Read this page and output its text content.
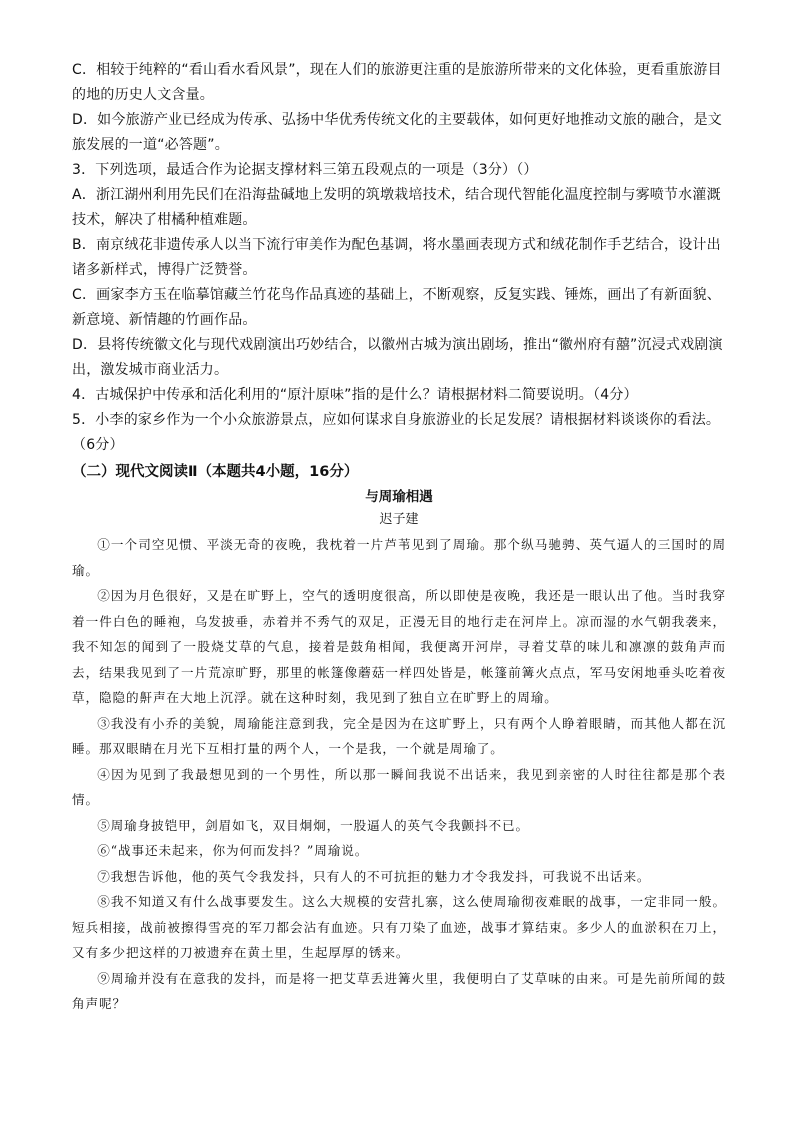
C．相较于纯粹的“看山看水看风景”，现在人们的旅游更注重的是旅游所带来的文化体验，更看重旅游目的地的历史人文含量。

D．如今旅游产业已经成为传承、弘扬中华优秀传统文化的主要载体，如何更好地推动文旅的融合，是文旅发展的一道“必答题”。

3．下列选项，最适合作为论据支撑材料三第五段观点的一项是（3分）（）

A．浙江湖州利用先民们在沿海盐碱地上发明的筑墩栽培技术，结合现代智能化温度控制与雾喷节水灌溉技术，解决了柑橘种植难题。

B．南京绒花非遗传承人以当下流行审美作为配色基调，将水墨画表现方式和绒花制作手艺结合，设计出诸多新样式，博得广泛赞誉。

C．画家李方玉在临摹馆藏兰竹花鸟作品真迹的基础上，不断观察，反复实践、锤炼，画出了有新面貌、新意境、新情趣的竹画作品。

D．县将传统徽文化与现代戏剧演出巧妙结合，以徽州古城为演出剧场，推出“徽州府有囍”沉浸式戏剧演出，激发城市商业活力。

4．古城保护中传承和活化利用的“原汁原味”指的是什么？请根据材料二简要说明。（4分）

5．小李的家乡作为一个小众旅游景点，应如何谋求自身旅游业的长足发展？请根据材料谈谈你的看法。（6分）

（二）现代文阅读Ⅱ（本题共4小题，16分）

与周瑜相遇

迟子建

①一个司空见惯、平淡无奇的夜晚，我枕着一片芦苇见到了周瑜。那个纵马驰骋、英气逼人的三国时的周瑜。

②因为月色很好，又是在旷野上，空气的透明度很高，所以即使是夜晚，我还是一眼认出了他。当时我穿着一件白色的睡袍，乌发披垂，赤着并不秀气的双足，正漫无目的地行走在河岸上。凉而湿的水气朝我袭来，我不知怎的闻到了一股烧艾草的气息，接着是鼓角相闻，我便离开河岸，寻着艾草的味儿和凛凛的鼓角声而去，结果我见到了一片荒凉旷野，那里的帐篷像蘑菇一样四处皆是，帐篷前篝火点点，军马安闲地垂头吃着夜草，隐隐的鼾声在大地上沉浮。就在这种时刻，我见到了独自立在旷野上的周瑜。

③我没有小乔的美貌，周瑜能注意到我，完全是因为在这旷野上，只有两个人睁着眼睛，而其他人都在沉睡。那双眼睛在月光下互相打量的两个人，一个是我，一个就是周瑜了。

④因为见到了我最想见到的一个男性，所以那一瞬间我说不出话来，我见到亲密的人时往往都是那个表情。

⑤周瑜身披铠甲，剑眉如飞，双目炯炯，一股逼人的英气令我颤抖不已。

⑥“战事还未起来，你为何而发抖？”周瑜说。

⑦我想告诉他，他的英气令我发抖，只有人的不可抗拒的魅力才令我发抖，可我说不出话来。

⑧我不知道又有什么战事要发生。这么大规模的安营扎寨，这么使周瑜彻夜难眠的战事，一定非同一般。短兵相接，战前被擦得雪亮的军刀都会沾有血迹。只有刀染了血迹，战事才算结束。多少人的血淤积在刀上，又有多少把这样的刀被遗弃在黄土里，生起厚厚的锈来。

⑨周瑜并没有在意我的发抖，而是将一把艾草丢进篝火里，我便明白了艾草味的由来。可是先前所闻的鼓角声呢？
